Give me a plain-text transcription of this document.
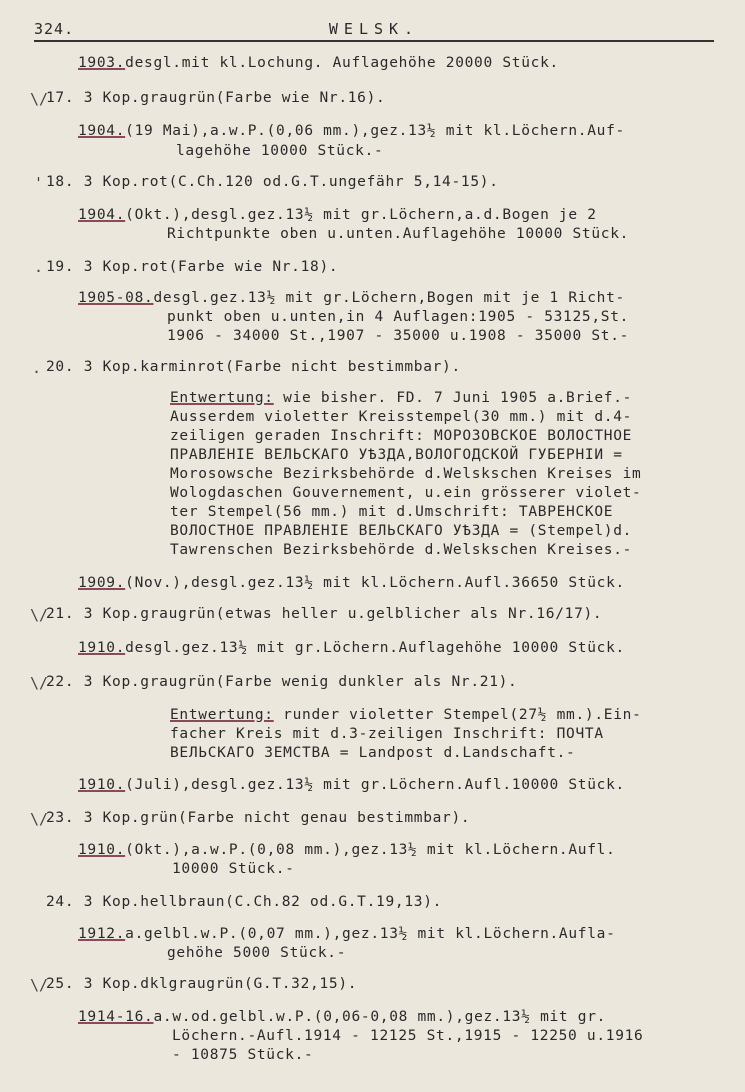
324.	WELSK.
1903.desgl.mit kl.Lochung. Auflagehöhe 20000 Stück.
\/
17. 3 Kop.graugrün(Farbe wie Nr.16).
1904.(19 Mai),a.w.P.(0,06 mm.),gez.13½ mit kl.Löchern.Auf-
lagehöhe 10000 Stück.-
' 18. 3 Kop.rot(C.Ch.120 od.G.T.ungefähr 5,14-15).
1904.(Okt.),desgl.gez.13½ mit gr.Löchern,a.d.Bogen je 2
Richtpunkte oben u.unten.Auflagehöhe 10000 Stück.
. 19. 3 Kop.rot(Farbe wie Nr.18).
1905-08.desgl.gez.13½ mit gr.Löchern,Bogen mit je 1 Richt-
punkt oben u.unten,in 4 Auflagen:1905 - 53125,St.
1906 - 34000 St.,1907 - 35000 u.1908 - 35000 St.-
. 20. 3 Kop.karminrot(Farbe nicht bestimmbar).
Entwertung: wie bisher. FD. 7 Juni 1905 a.Brief.-
Ausserdem violetter Kreisstempel(30 mm.) mit d.4-
zeiligen geraden Inschrift: МОРОЗОВСКОЕ ВОЛОСТНОЕ
ПРАВЛЕНІЕ ВЕЛЬСКАГО УѢЗДА,ВОЛОГОДСКОЙ ГУБЕРНІИ =
Morosowsche Bezirksbehörde d.Welskschen Kreises im
Wologdaschen Gouvernement, u.ein grösserer violet-
ter Stempel(56 mm.) mit d.Umschrift: ТАВРЕНСКОЕ
ВОЛОСТНОЕ ПРАВЛЕНІЕ ВЕЛЬСКАГО УѢЗДА = (Stempel)d.
Tawrenschen Bezirksbehörde d.Welskschen Kreises.-
1909.(Nov.),desgl.gez.13½ mit kl.Löchern.Aufl.36650 Stück.
\/
21. 3 Kop.graugrün(etwas heller u.gelblicher als Nr.16/17).
1910.desgl.gez.13½ mit gr.Löchern.Auflagehöhe 10000 Stück.
\/
22. 3 Kop.graugrün(Farbe wenig dunkler als Nr.21).
Entwertung: runder violetter Stempel(27½ mm.).Ein-
facher Kreis mit d.3-zeiligen Inschrift: ПОЧТА
ВЕЛЬСКАГО ЗЕМСТВА = Landpost d.Landschaft.-
1910.(Juli),desgl.gez.13½ mit gr.Löchern.Aufl.10000 Stück.
\/
23. 3 Kop.grün(Farbe nicht genau bestimmbar).
1910.(Okt.),a.w.P.(0,08 mm.),gez.13½ mit kl.Löchern.Aufl.
10000 Stück.-
24. 3 Kop.hellbraun(C.Ch.82 od.G.T.19,13).
1912.a.gelbl.w.P.(0,07 mm.),gez.13½ mit kl.Löchern.Aufla-
gehöhe 5000 Stück.-
\/
25. 3 Kop.dklgraugrün(G.T.32,15).
1914-16.a.w.od.gelbl.w.P.(0,06-0,08 mm.),gez.13½ mit gr.
Löchern.-Aufl.1914 - 12125 St.,1915 - 12250 u.1916
- 10875 Stück.-
